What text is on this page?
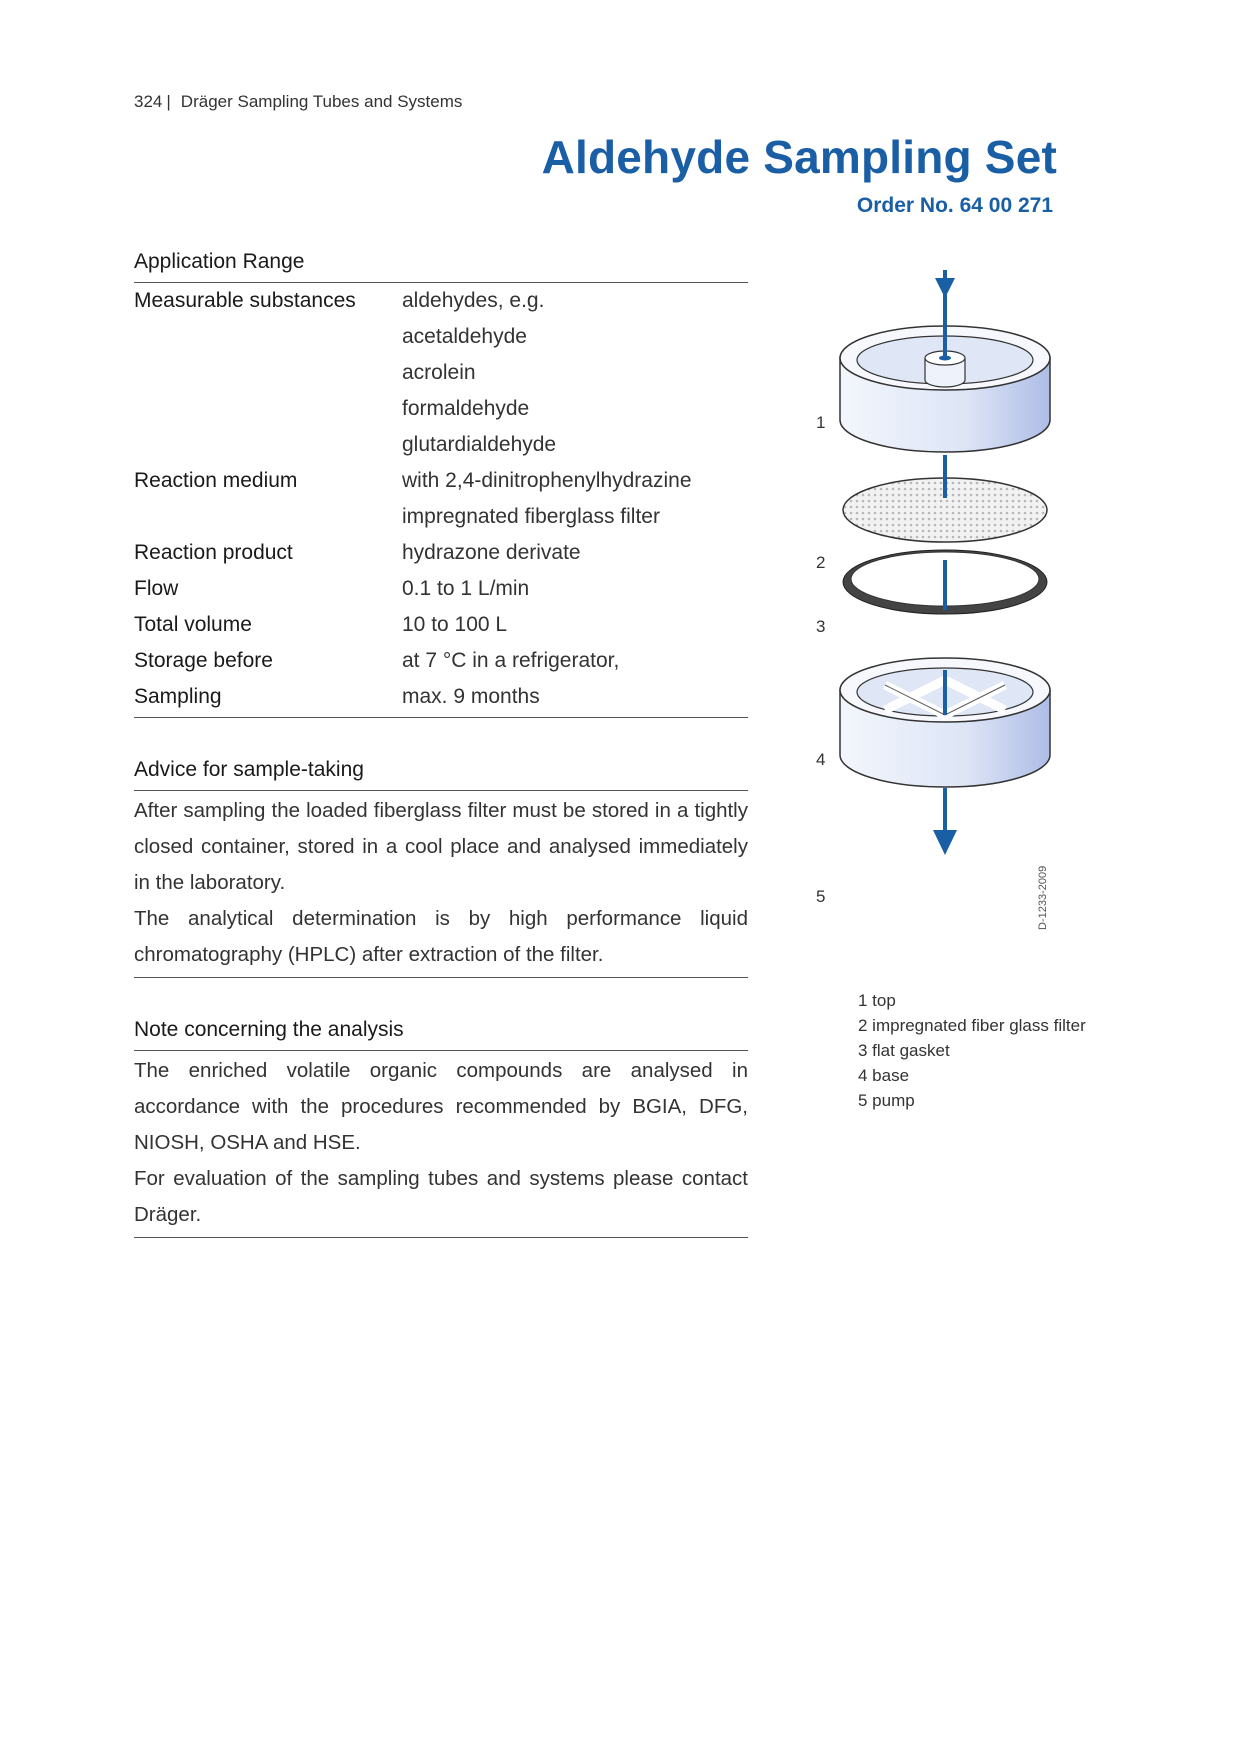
324 | Dräger Sampling Tubes and Systems
Aldehyde Sampling Set
Order No. 64 00 271
Application Range
Measurable substances	aldehydes, e.g.
acetaldehyde
acrolein
formaldehyde
glutardialdehyde
Reaction medium	with 2,4-dinitrophenylhydrazine
impregnated fiberglass filter
Reaction product	hydrazone derivate
Flow	0.1 to 1 L/min
Total volume	10 to 100 L
Storage before	at 7 °C in a refrigerator,
Sampling	max. 9 months
Advice for sample-taking

After sampling the loaded fiberglass filter must be stored in a tightly closed container, stored in a cool place and analysed immediately in the laboratory.

The analytical determination is by high performance liquid chromatography (HPLC) after extraction of the filter.

Note concerning the analysis

The enriched volatile organic compounds are analysed in accordance with the procedures recommended by BGIA, DFG, NIOSH, OSHA and HSE.

For evaluation of the sampling tubes and systems please contact Dräger.

1
2
3
4
5	D-1233-2009
1 top
2 impregnated fiber glass filter
3 flat gasket
4 base
5 pump
